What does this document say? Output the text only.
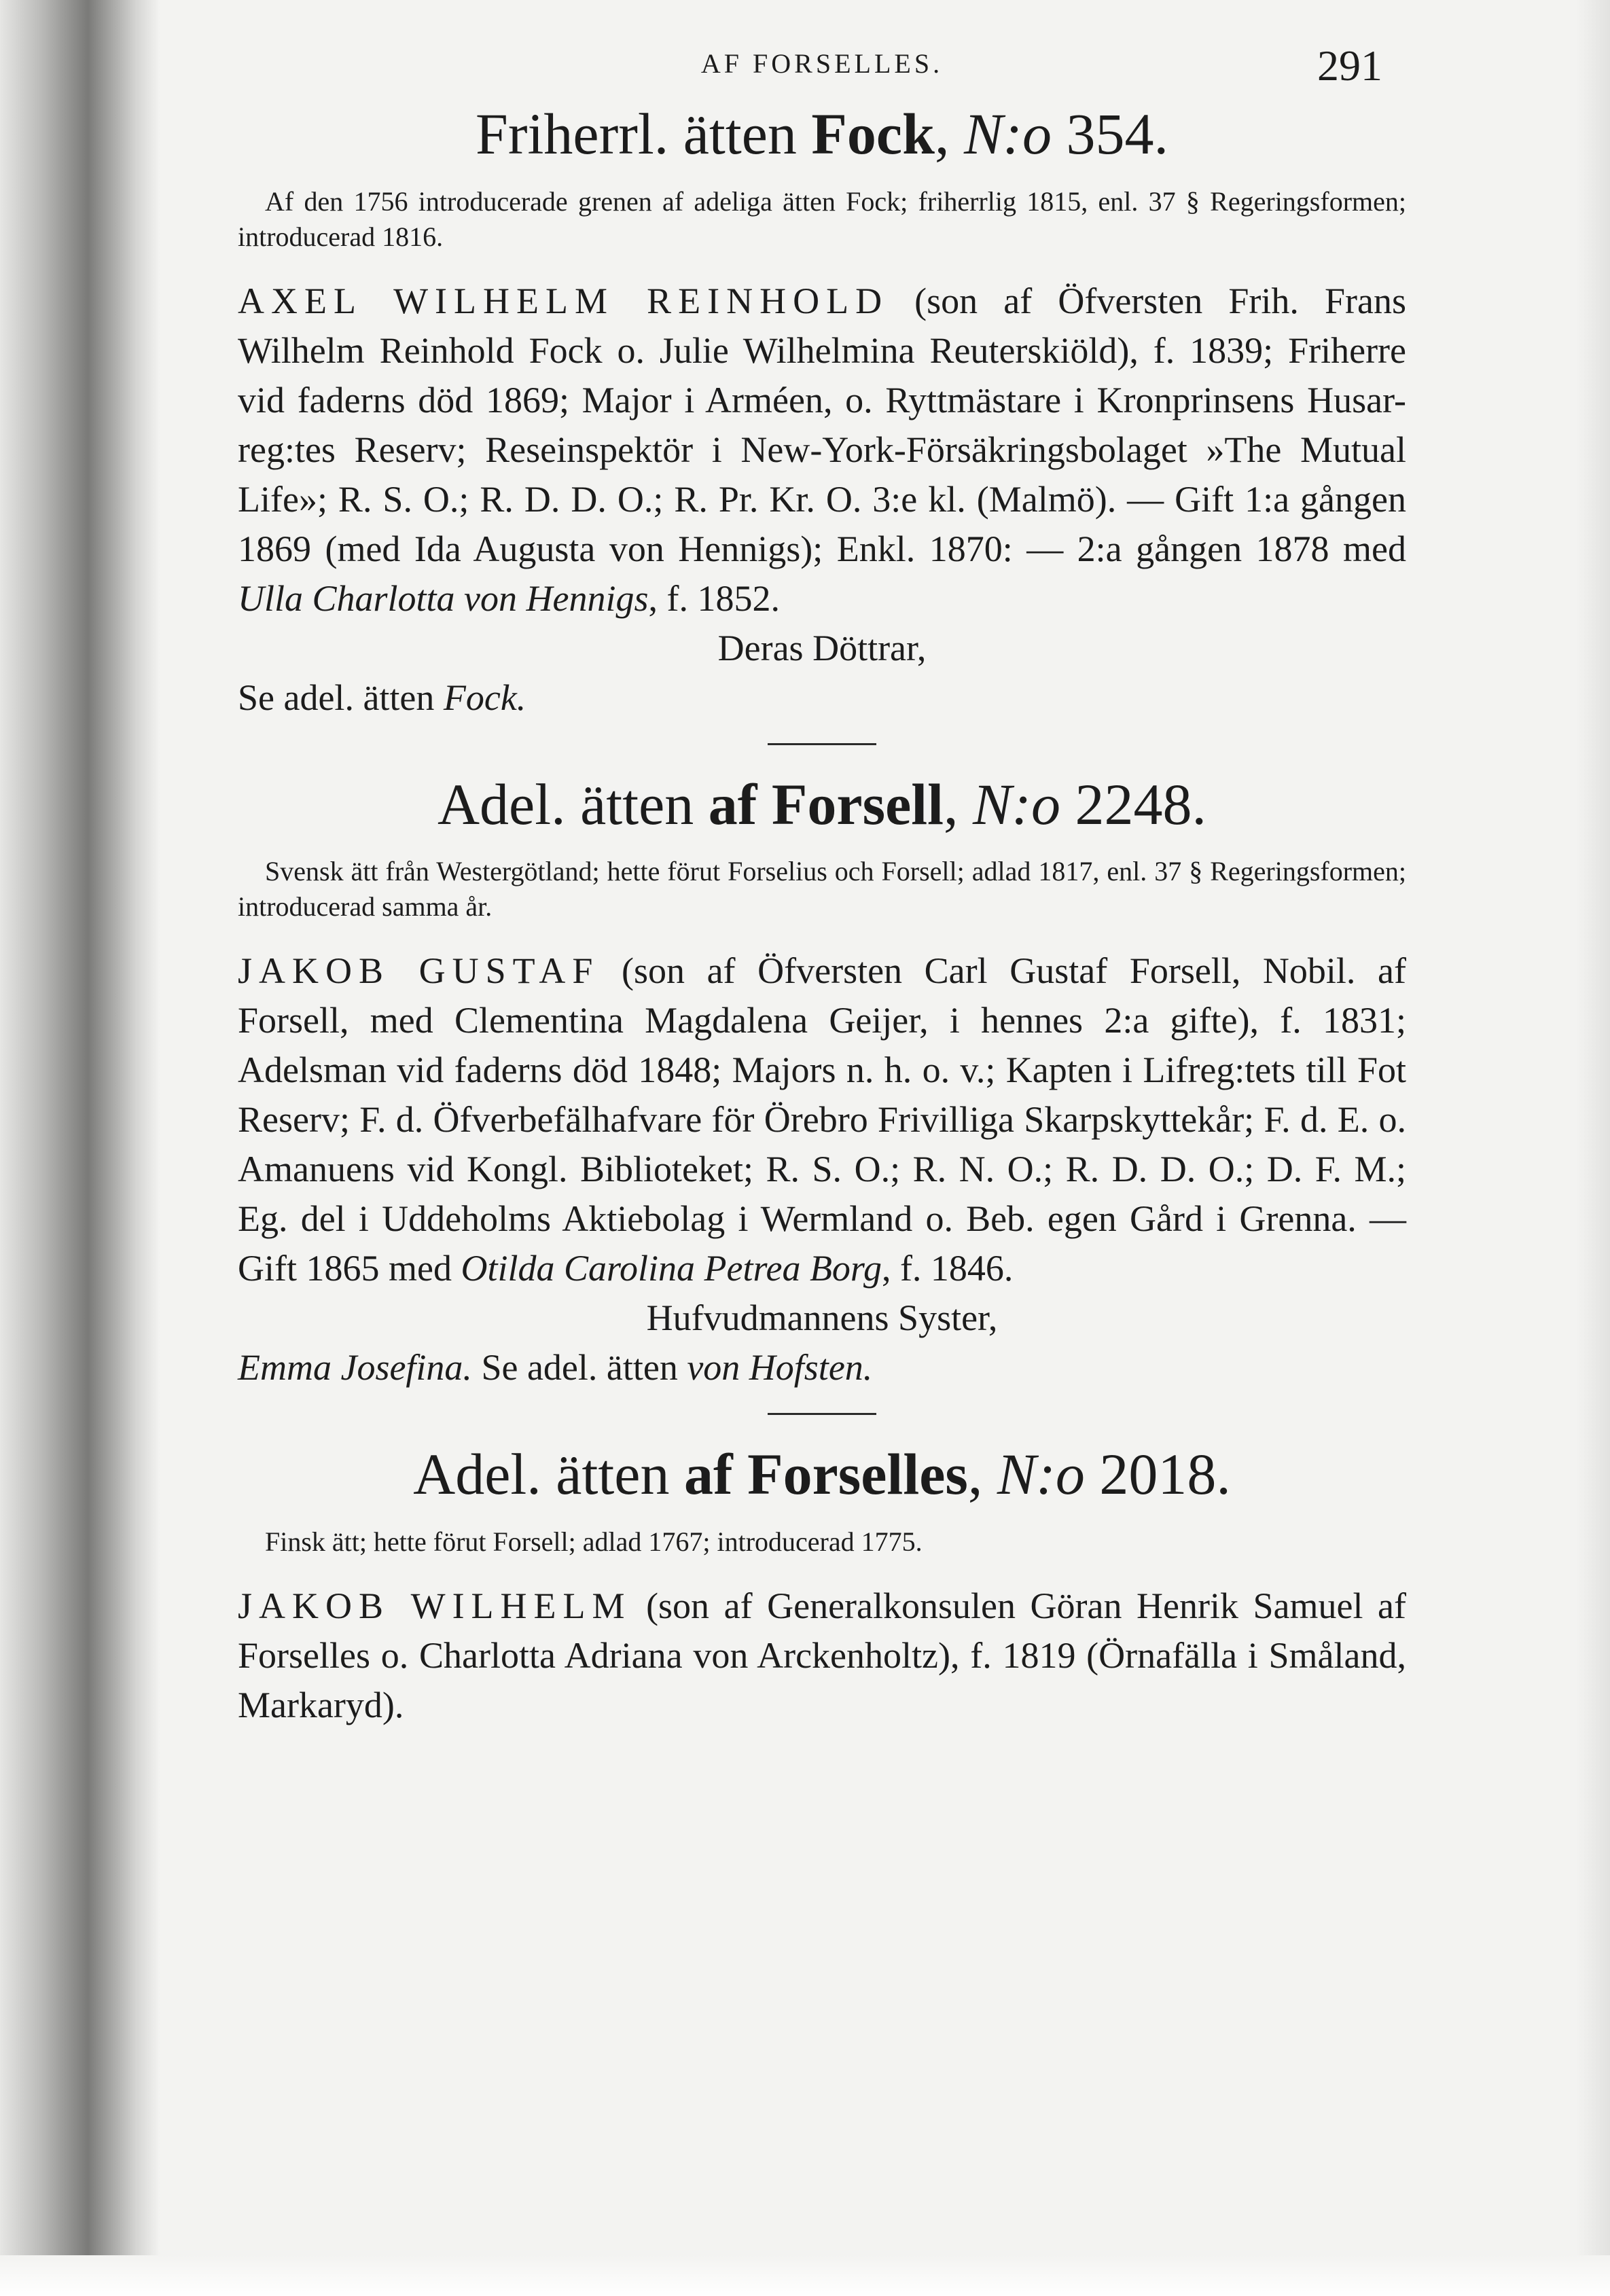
AF FORSELLES.	291
Friherrl. ätten Fock, N:o 354.

Af den 1756 introducerade grenen af adeliga ätten Fock; friherrlig 1815, enl. 37 § Regeringsformen; introducerad 1816.

AXEL WILHELM REINHOLD (son af Öfversten Frih. Frans Wilhelm Reinhold Fock o. Julie Wilhelmina Reuterskiöld), f. 1839; Friherre vid faderns död 1869; Major i Arméen, o. Ryttmästare i Kronprinsens Husar-reg:tes Reserv; Reseinspektör i New-York-Försäkringsbolaget »The Mutual Life»; R. S. O.; R. D. D. O.; R. Pr. Kr. O. 3:e kl. (Malmö). — Gift 1:a gången 1869 (med Ida Augusta von Hennigs); Enkl. 1870: — 2:a gången 1878 med Ulla Charlotta von Hennigs, f. 1852.

Deras Döttrar,

Se adel. ätten Fock.

Adel. ätten af Forsell, N:o 2248.

Svensk ätt från Westergötland; hette förut Forselius och Forsell; adlad 1817, enl. 37 § Regeringsformen; introducerad samma år.

JAKOB GUSTAF (son af Öfversten Carl Gustaf Forsell, Nobil. af Forsell, med Clementina Magdalena Geijer, i hennes 2:a gifte), f. 1831; Adelsman vid faderns död 1848; Majors n. h. o. v.; Kapten i Lifreg:tets till Fot Reserv; F. d. Öfverbefälhafvare för Örebro Frivilliga Skarpskyttekår; F. d. E. o. Amanuens vid Kongl. Biblioteket; R. S. O.; R. N. O.; R. D. D. O.; D. F. M.; Eg. del i Uddeholms Aktiebolag i Wermland o. Beb. egen Gård i Grenna. — Gift 1865 med Otilda Carolina Petrea Borg, f. 1846.

Hufvudmannens Syster,

Emma Josefina. Se adel. ätten von Hofsten.

Adel. ätten af Forselles, N:o 2018.

Finsk ätt; hette förut Forsell; adlad 1767; introducerad 1775.

JAKOB WILHELM (son af Generalkonsulen Göran Henrik Samuel af Forselles o. Charlotta Adriana von Arckenholtz), f. 1819 (Örnafälla i Småland, Markaryd).
